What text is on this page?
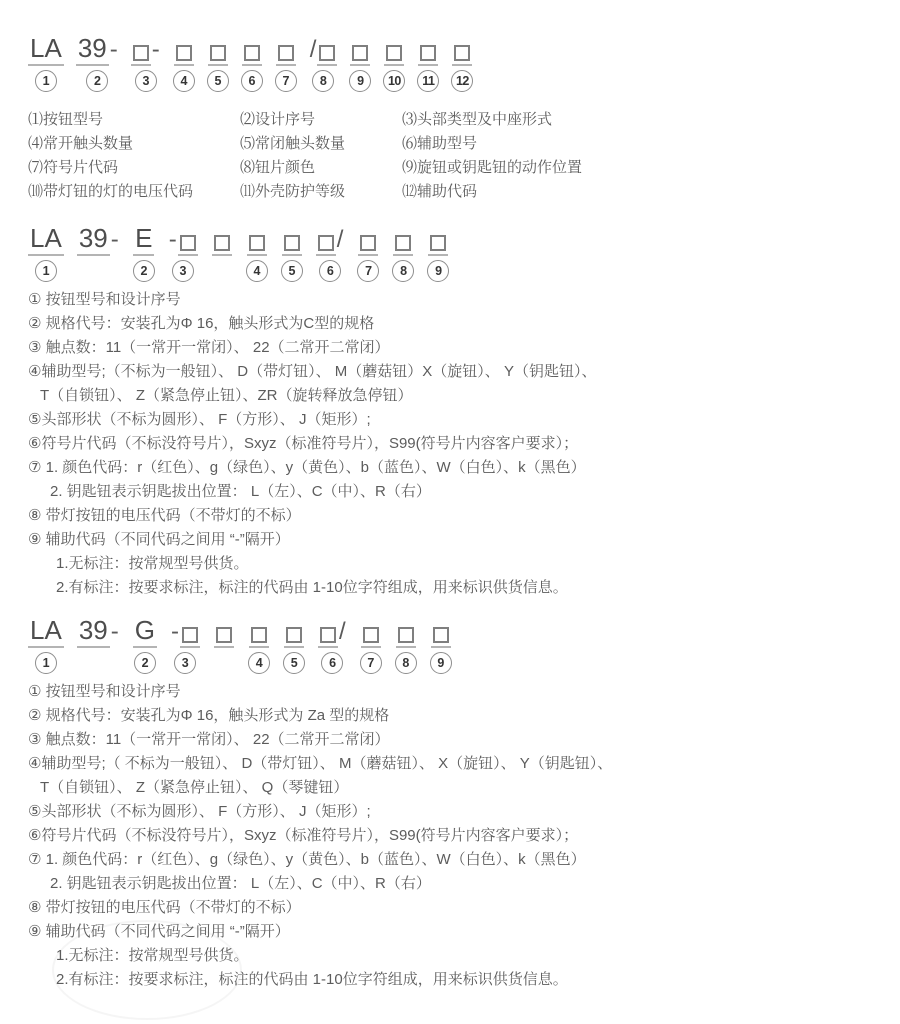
LA
1
39 -
2
-
3	4	5	6	7
/
8	9	10	11	12
⑴按钮型号	⑵设计序号	⑶头部类型及中座形式
⑷常开触头数量	⑸常闭触头数量	⑹辅助型号
⑺符号片代码	⑻钮片颜色	⑼旋钮或钥匙钮的动作位置
⑽带灯钮的灯的电压代码	⑾外壳防护等级	⑿辅助代码
LA
1
39 - E
2
-
3	4	5
/
6	7	8	9
① 按钮型号和设计序号
② 规格代号：安装孔为Φ 16，触头形式为C型的规格
③ 触点数：11（一常开一常闭）、 22（二常开二常闭）
④辅助型号;（不标为一般钮）、 D（带灯钮）、 M（蘑菇钮）X（旋钮）、 Y（钥匙钮）、
T（自锁钮）、 Z（紧急停止钮）、ZR（旋转释放急停钮）
⑤头部形状（不标为圆形）、 F（方形）、 J（矩形）;
⑥符号片代码（不标没符号片），Sxyz（标准符号片），S99(符号片内容客户要求）；
⑦ 1. 颜色代码：r（红色）、g（绿色）、y（黄色）、b（蓝色）、W（白色）、k（黑色）
2. 钥匙钮表示钥匙拔出位置： L（左）、C（中）、R（右）
⑧ 带灯按钮的电压代码（不带灯的不标）
⑨ 辅助代码（不同代码之间用 “-”隔开）
1.无标注：按常规型号供货。
2.有标注：按要求标注，标注的代码由 1-10位字符组成，用来标识供货信息。
LA
1
39 - G
2
-
3	4	5
/
6	7	8	9
① 按钮型号和设计序号
② 规格代号：安装孔为Φ 16，触头形式为 Za 型的规格
③ 触点数：11（一常开一常闭）、 22（二常开二常闭）
④辅助型号;（ 不标为一般钮）、 D（带灯钮）、 M（蘑菇钮）、 X（旋钮）、 Y（钥匙钮）、
T（自锁钮）、 Z（紧急停止钮）、 Q（琴键钮）
⑤头部形状（不标为圆形）、 F（方形）、 J（矩形）;
⑥符号片代码（不标没符号片），Sxyz（标准符号片），S99(符号片内容客户要求）；
⑦ 1. 颜色代码：r（红色）、g（绿色）、y（黄色）、b（蓝色）、W（白色）、k（黑色）
2. 钥匙钮表示钥匙拔出位置： L（左）、C（中）、R（右）
⑧ 带灯按钮的电压代码（不带灯的不标）
⑨ 辅助代码（不同代码之间用 “-”隔开）
1.无标注：按常规型号供货。
2.有标注：按要求标注，标注的代码由 1-10位字符组成，用来标识供货信息。
